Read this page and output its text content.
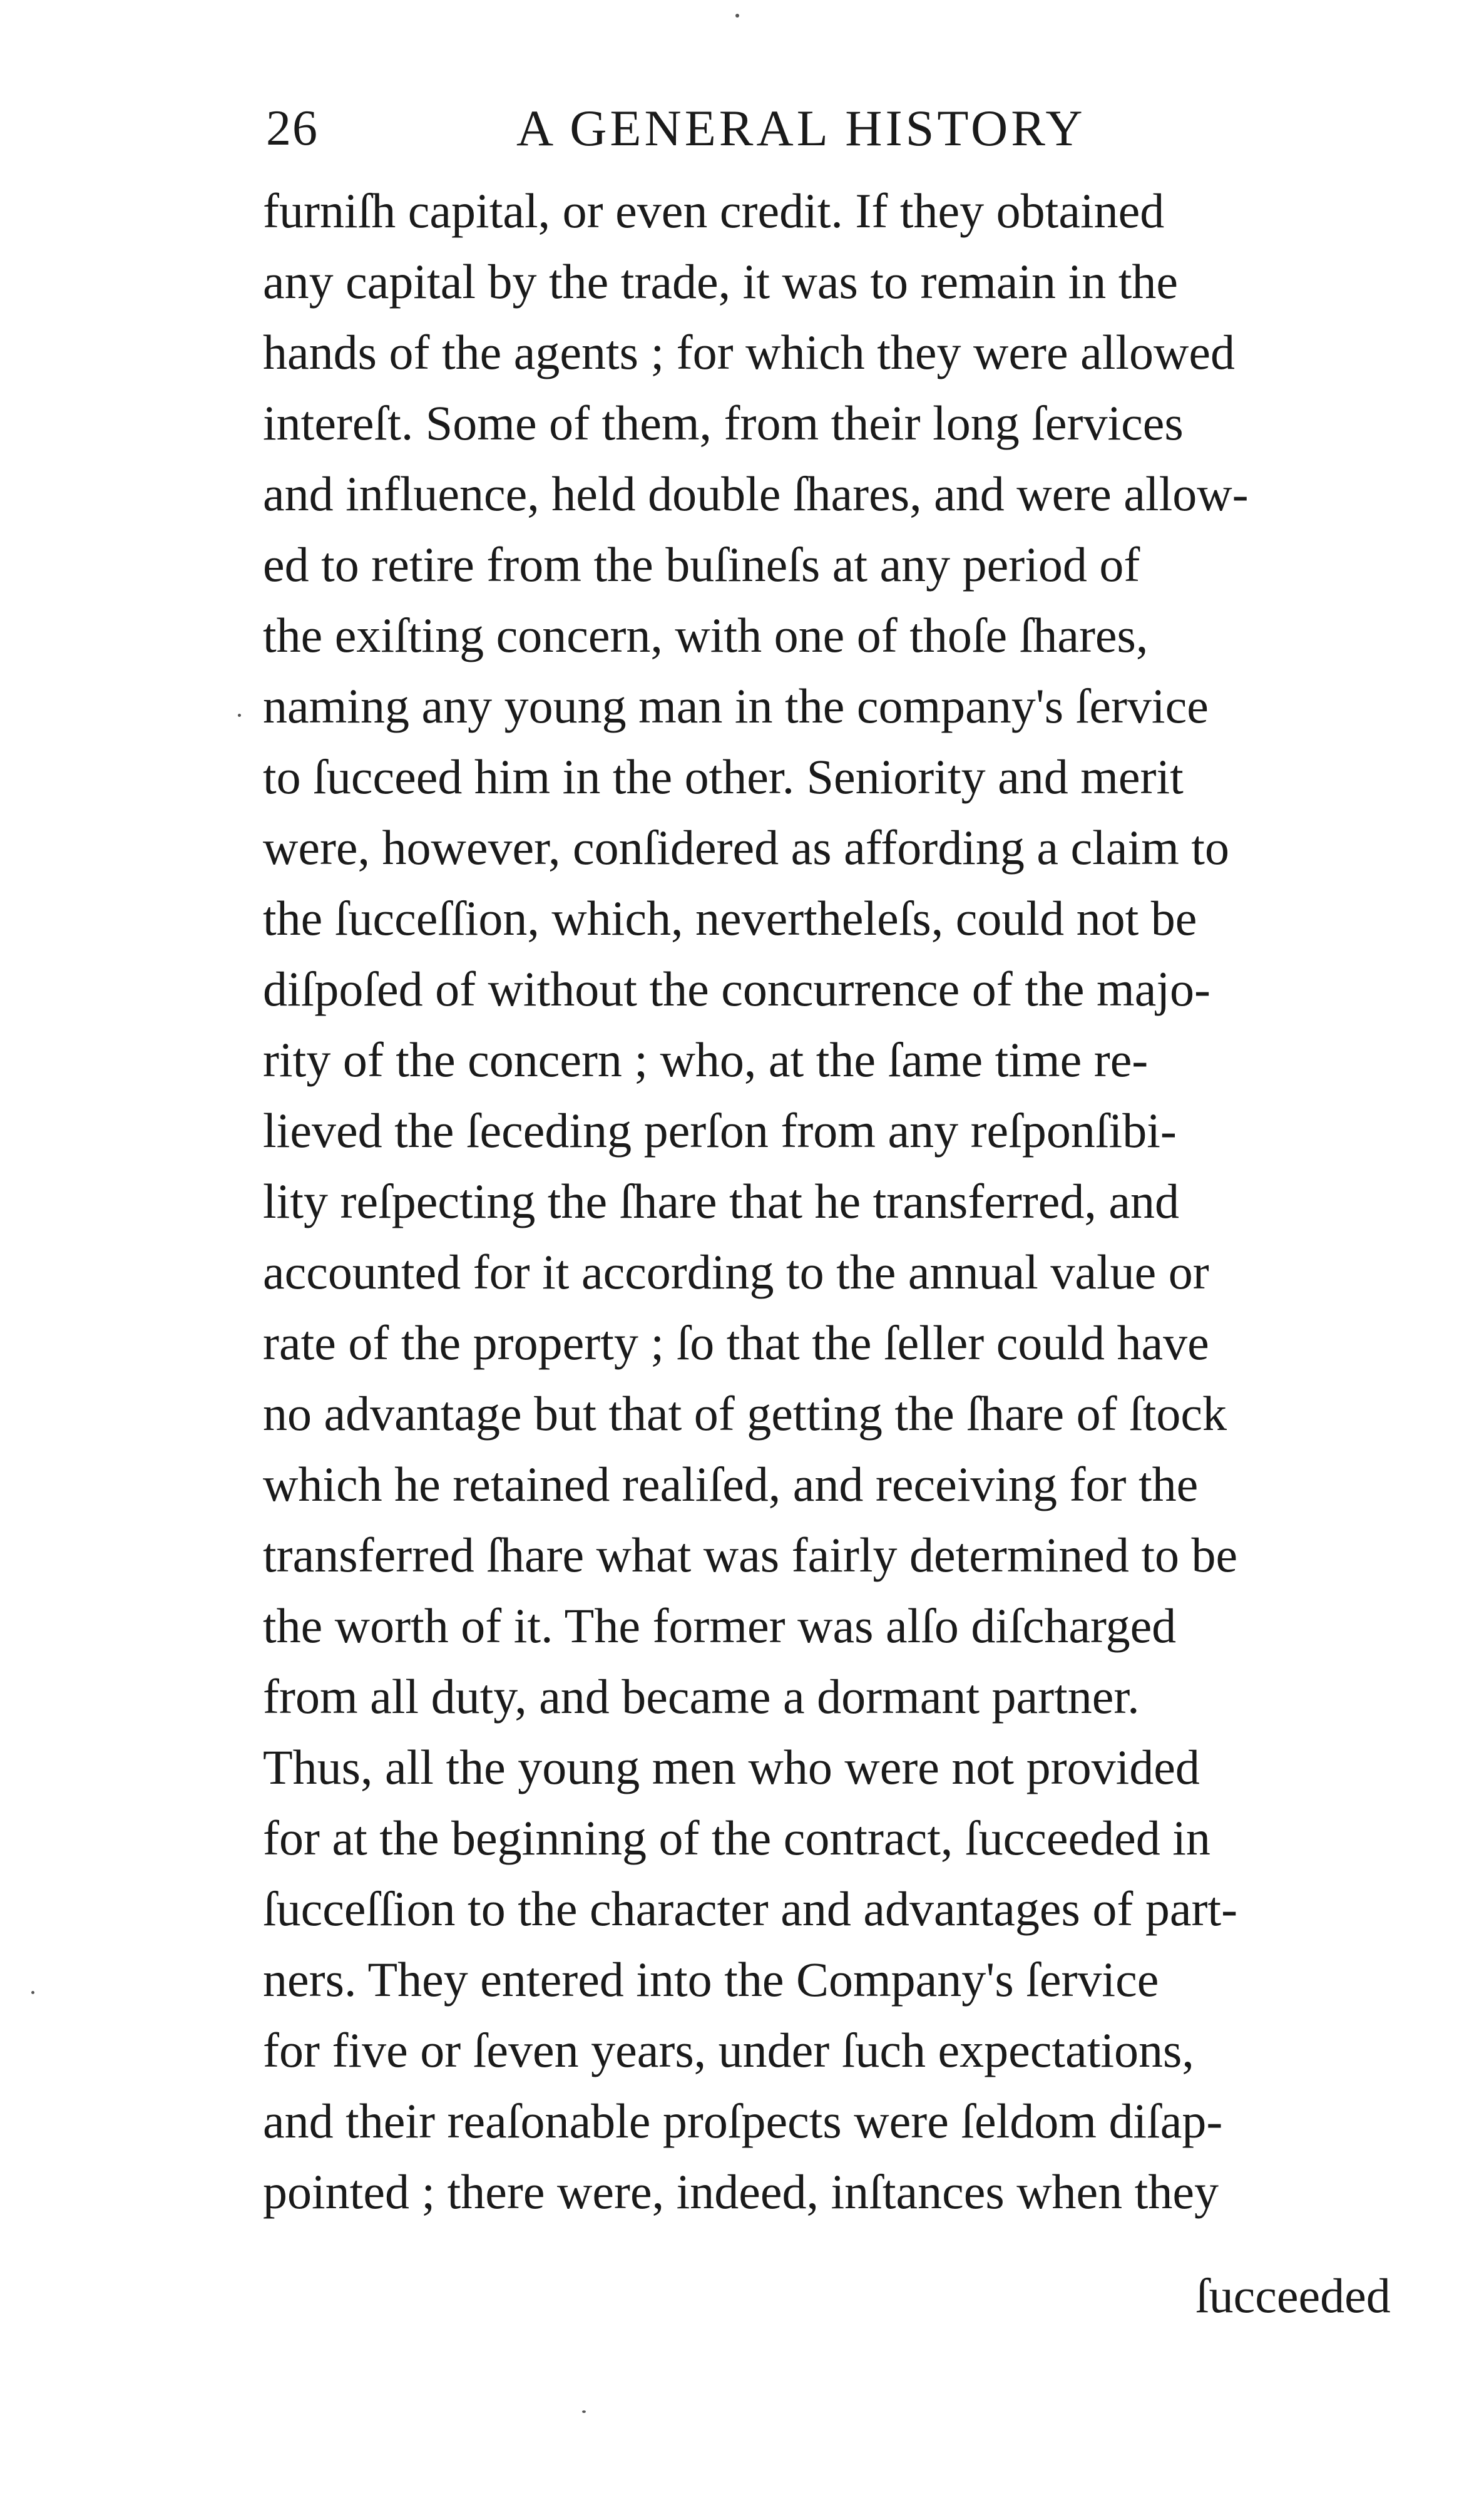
26	A GENERAL HISTORY
furniſh capital, or even credit. If they obtained
any capital by the trade, it was to remain in the
hands of the agents ; for which they were allowed
intereſt. Some of them, from their long ſervices
and influence, held double ſhares, and were allow-
ed to retire from the buſineſs at any period of
the exiſting concern, with one of thoſe ſhares,
naming any young man in the company's ſervice
to ſucceed him in the other. Seniority and merit
were, however, conſidered as affording a claim to
the ſucceſſion, which, neverthelеſs, could not be
diſpoſed of without the concurrence of the majo-
rity of the concern ; who, at the ſame time re-
lieved the ſeceding perſon from any reſponſibi-
lity reſpecting the ſhare that he transferred, and
accounted for it according to the annual value or
rate of the property ; ſo that the ſeller could have
no advantage but that of getting the ſhare of ſtock
which he retained realiſed, and receiving for the
transferred ſhare what was fairly determined to be
the worth of it. The former was alſo diſcharged
from all duty, and became a dormant partner.
Thus, all the young men who were not provided
for at the beginning of the contract, ſucceeded in
ſucceſſion to the character and advantages of part-
ners. They entered into the Company's ſervice
for five or ſeven years, under ſuch expectations,
and their reaſonable proſpects were ſeldom diſap-
pointed ; there were, indeed, inſtances when they
ſucceeded
